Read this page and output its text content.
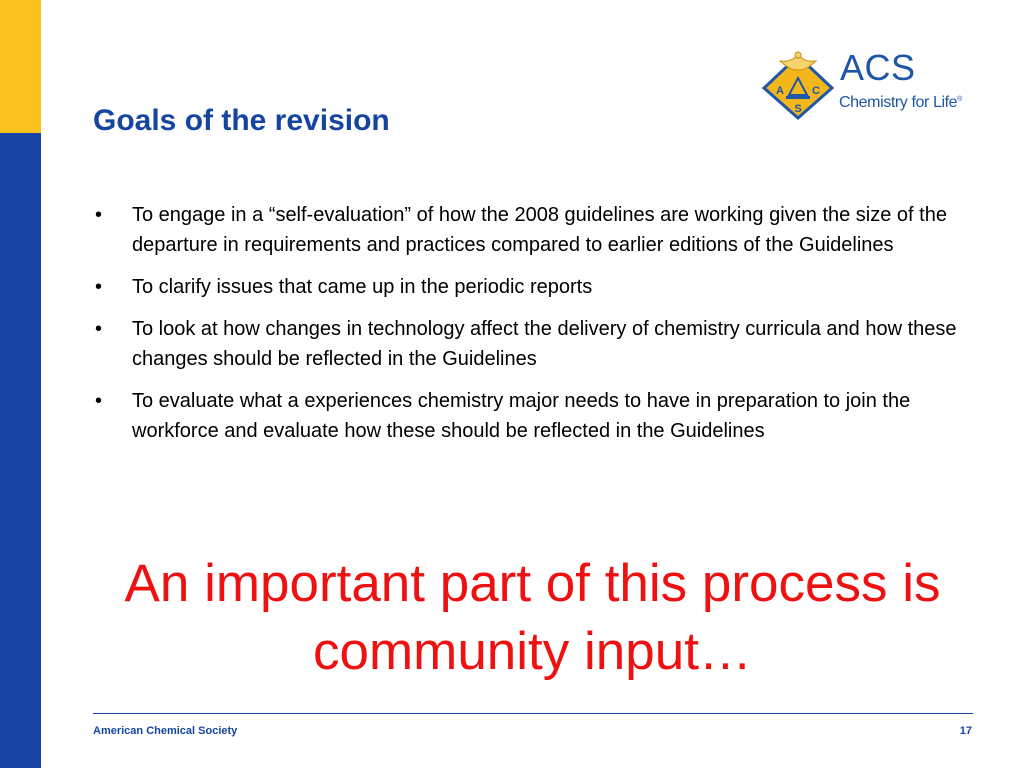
A	C
S
ACS
Chemistry for Life®
Goals of the revision
• To engage in a “self-evaluation” of how the 2008 guidelines are working given the size of the departure in requirements and practices compared to earlier editions of the Guidelines
• To clarify issues that came up in the periodic reports
• To look at how changes in technology affect the delivery of chemistry curricula and how these changes should be reflected in the Guidelines
• To evaluate what a experiences chemistry major needs to have in preparation to join the workforce and evaluate how these should be reflected in the Guidelines

An important part of this process is community input…

American Chemical Society	17
